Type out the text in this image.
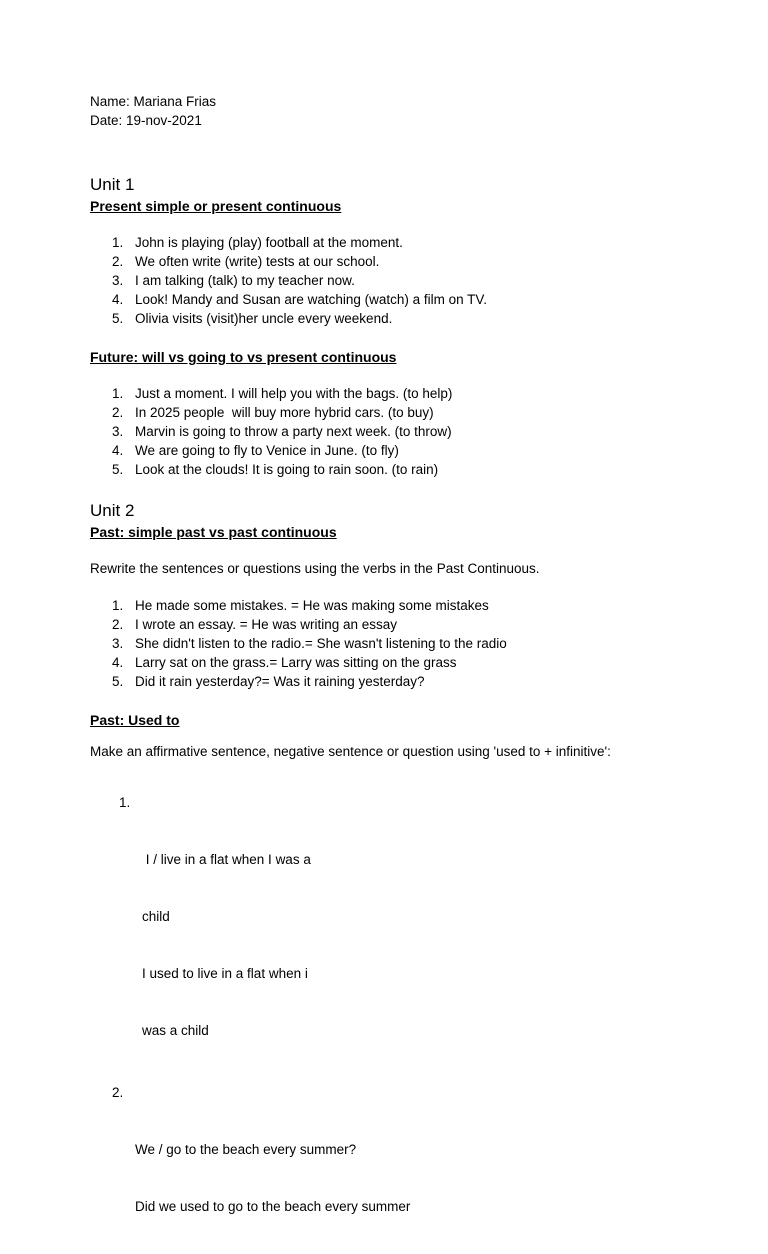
Name: Mariana Frias
Date: 19-nov-2021
Unit 1
Present simple or present continuous
1. John is playing (play) football at the moment.
2. We often write (write) tests at our school.
3. I am talking (talk) to my teacher now.
4. Look! Mandy and Susan are watching (watch) a film on TV.
5. Olivia visits (visit)her uncle every weekend.
Future: will vs going to vs present continuous
1. Just a moment. I will help you with the bags. (to help)
2. In 2025 people  will buy more hybrid cars. (to buy)
3. Marvin is going to throw a party next week. (to throw)
4. We are going to fly to Venice in June. (to fly)
5. Look at the clouds! It is going to rain soon. (to rain)
Unit 2
Past: simple past vs past continuous
Rewrite the sentences or questions using the verbs in the Past Continuous.
1. He made some mistakes. = He was making some mistakes
2. I wrote an essay. = He was writing an essay
3. She didn't listen to the radio.= She wasn't listening to the radio
4. Larry sat on the grass.= Larry was sitting on the grass
5. Did it rain yesterday?= Was it raining yesterday?
Past: Used to
Make an affirmative sentence, negative sentence or question using 'used to + infinitive':

1.

I / live in a flat when I was a

child

I used to live in a flat when i

was a child

2.

We / go to the beach every summer?

Did we used to go to the beach every summer
